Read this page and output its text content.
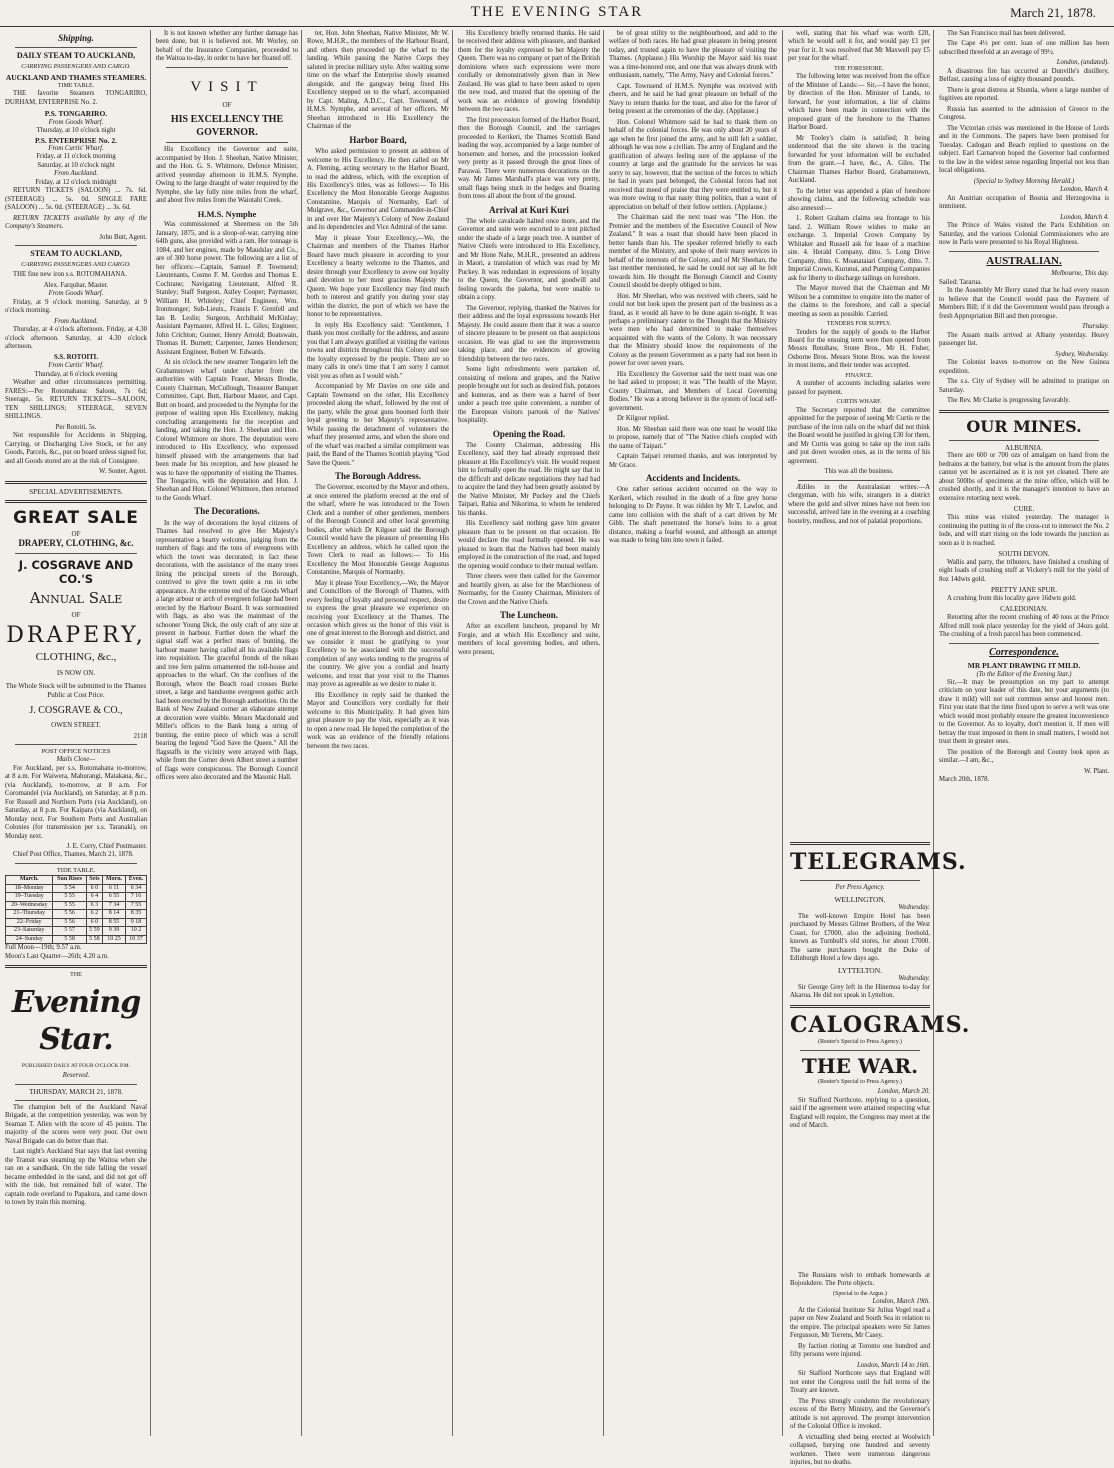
THE EVENING STAR	March 21, 1878.
Shipping.
DAILY STEAM TO AUCKLAND,
CARRYING PASSENGERS AND CARGO.
AUCKLAND AND THAMES STEAMERS.
TIME TABLE.

THE favorite Steamers TONGARIRO, DURHAM, ENTERPRISE No. 2.

P.S. TONGARIRO.
From Goods Wharf.
Thursday, at 10 o'clock night
P.S. ENTERPRISE No. 2.
From Curtis' Wharf.
Friday, at 11 o'clock morning
Saturday, at 10 o'clock night
From Auckland.
Friday, at 12 o'clock midnight

RETURN TICKETS (SALOON) ... 7s. 6d. (STEERAGE) ... 5s. 0d. SINGLE FARE (SALOON) ... 5s. 0d. (STEERAGE) ... 3s. 6d.

RETURN TICKETS available by any of the Company's Steamers.

John Butt, Agent.
STEAM TO AUCKLAND,
CARRYING PASSENGERS AND CARGO.

THE fine new iron s.s. ROTOMAHANA.

Alex. Farquhar, Master.
From Goods Wharf.

Friday, at 9 o'clock morning. Saturday, at 9 o'clock morning.

From Auckland.

Thursday, at 4 o'clock afternoon. Friday, at 4.30 o'clock afternoon. Saturday, at 4.30 o'clock afternoon.

S.S. ROTOITI.
From Curtis' Wharf.
Thursday, at 6 o'clock evening

Weather and other circumstances permitting. FARES:—Per Rotomahana: Saloon, 7s 6d; Steerage, 5s. RETURN TICKETS—SALOON, TEN SHILLINGS; STEERAGE, SEVEN SHILLINGS.

Per Rotoiti, 5s.

Not responsible for Accidents in Shipping, Carrying, or Discharging Live Stock, or for any Goods, Parcels, &c., put on board unless signed for, and all Goods stored are at the risk of Consignee.

W. Souter, Agent.
SPECIAL ADVERTISEMENTS.
GREAT SALE
OF
DRAPERY, CLOTHING, &c.
J. COSGRAVE AND CO.'S
Annual Sale
OF
DRAPERY,
CLOTHING, &c.,
IS NOW ON.

The Whole Stock will be submitted to the Thames Public at Cost Price.

J. COSGRAVE & CO.,
OWEN STREET.
2118
POST OFFICE NOTICES
Mails Close—

For Auckland, per s.s. Rotomahana to-morrow, at 8 a.m. For Waiwera, Mahurangi, Matakana, &c., (via Auckland), to-morrow, at 8 a.m. For Coromandel (via Auckland), on Saturday, at 8 p.m. For Russell and Northern Ports (via Auckland), on Saturday, at 8 p.m. For Kaipara (via Auckland), on Monday next. For Southern Ports and Australian Colonies (for transmission per s.s. Taranaki), on Monday next.

J. E. Corry, Chief Postmaster.

Chief Post Office, Thames, March 21, 1878.

TIDE TABLE.
March.	Sun Rises	Sets	Morn.	Even.
18–Monday	5 54	6 0	6 11	6 34
19–Tuesday	5 55	6 4	6 55	7 16
20–Wednesday	5 55	6 3	7 34	7 55
21–Thursday	5 56	6 2	8 14	8 35
22–Friday	5 56	6 0	8 55	9 18
23–Saturday	5 57	5 59	9 39	10 2
24–Sunday	5 58	5 58	10 25	10 37
Full Moon—19th; 9.57 a.m.
Moon's Last Quarter—26th; 4.20 a.m.
THE
Evening Star.
PUBLISHED DAILY AT FOUR O'CLOCK P.M.
Reserved.
THURSDAY, MARCH 21, 1878.

The champion belt of the Auckland Naval Brigade, at the competition yesterday, was won by Seaman T. Allen with the score of 45 points. The majority of the scores were very poor. Our own Naval Brigade can do better than that.

Last night's Auckland Star says that last evening the Transit was steaming up the Waitoa when she ran on a sandbank. On the tide falling the vessel became embedded in the sand, and did not get off with the tide, but remained full of water. The captain rode overland to Papakura, and came down to town by train this morning.

It is not known whether any further damage has been done, but it is believed not. Mr Worley, on behalf of the Insurance Companies, proceeded to the Waitoa to-day, in order to have her floated off.

VISIT
OF
HIS EXCELLENCY THE GOVERNOR.

His Excellency the Governor and suite, accompanied by Hon. J. Sheehan, Native Minister, and the Hon. G. S. Whitmore, Defence Minister, arrived yesterday afternoon in H.M.S. Nymphe. Owing to the large draught of water required by the Nymphe, she lay fully nine miles from the wharf, and about five miles from the Waiotahi Creek.

H.M.S. Nymphe

Was commissioned at Sheerness on the 5th January, 1875, and is a sloop-of-war, carrying nine 64lb guns, also provided with a ram. Her tonnage is 1084, and her engines, made by Maudslay and Co., are of 300 horse power. The following are a list of her officers:—Captain, Samuel P. Townsend; Lieutenants, Cosmo F. M. Gordon and Thomas E. Cochrane; Navigating Lieutenant, Alfred R. Stanley; Staff Surgeon, Astley Cooper; Paymaster, William H. Whiteley; Chief Engineer, Wm. Ironmonger; Sub-Lieuts., Francis F. Grenfell and Ian B. Leslie; Surgeon, Archibald McKinlay; Assistant Paymaster, Alfred H. L. Giles; Engineer, John Crichton; Gunner, Henry Arnold; Boatswain, Thomas H. Burnett; Carpenter, James Henderson; Assistant Engineer, Robert W. Edwards.

At six o'clock the new steamer Tongariro left the Grahamstown wharf under charter from the authorities with Captain Fraser, Messrs Brodie, County Chairman, McCullough, Treasurer Banquet Committee, Capt. Butt, Harbour Master, and Capt. Butt on board, and proceeded to the Nymphe for the purpose of waiting upon His Excellency, making concluding arrangements for the reception and landing, and taking the Hon. J. Sheehan and Hon. Colonel Whitmore on shore. The deputation were introduced to His Excellency, who expressed himself pleased with the arrangements that had been made for his reception, and how pleased he was to have the opportunity of visiting the Thames. The Tongariro, with the deputation and Hon. J. Sheehan and Hon. Colonel Whitmore, then returned to the Goods Wharf.

The Decorations.

In the way of decorations the loyal citizens of Thames had resolved to give Her Majesty's representative a hearty welcome, judging from the numbers of flags and the tons of evergreens with which the town was decorated; in fact these decorations, with the assistance of the many trees lining the principal streets of the Borough, contrived to give the town quite a rus in urbe appearance. At the extreme end of the Goods Wharf a large arbour or arch of evergreen foliage had been erected by the Harbour Board. It was surmounted with flags, as also was the mainmast of the schooner Young Dick, the only craft of any size at present in harbour. Further down the wharf the signal staff was a perfect mass of bunting, the harbour master having called all his available flags into requisition. The graceful fronds of the nikau and tree fern palms ornamented the toll-house and approaches to the wharf. On the confines of the Borough, where the Beach road crosses Burke street, a large and handsome evergreen gothic arch had been erected by the Borough authorities. On the Bank of New Zealand corner an elaborate attempt at decoration were visible. Messrs Macdonald and Miller's offices to the Bank hung a string of bunting, the entire piece of which was a scroll bearing the legend "God Save the Queen." All the flagstaffs in the vicinity were arrayed with flags, while from the Corner down Albert street a number of flags were conspicuous. The Borough Council offices were also decorated and the Masonic Hall.

ter, Hon. John Sheehan, Native Minister, Mr W. Rowe, M.H.R., the members of the Harbour Board, and others then proceeded up the wharf to the landing. While passing the Native Corps they saluted in precise military style. After waiting some time on the wharf the Enterprise slowly steamed alongside, and the gangway being fixed His Excellency stepped on to the wharf, accompanied by Capt. Maling, A.D.C., Capt. Townsend, of H.M.S. Nymphe, and several of her officers. Mr Sheehan introduced to His Excellency the Chairman of the

Harbor Board,

Who asked permission to present an address of welcome to His Excellency. He then called on Mr A. Fleming, acting secretary to the Harbor Board, to read the address, which, with the exception of His Excellency's titles, was as follows:— To His Excellency the Most Honorable George Augustus Constantine, Marquis of Normanby, Earl of Mulgrave, &c., Governor and Commander-in-Chief in and over Her Majesty's Colony of New Zealand and its dependencies and Vice Admiral of the same.

May it please Your Excellency,—We, the Chairman and members of the Thames Harbor Board have much pleasure in according to your Excellency a hearty welcome to the Thames, and desire through your Excellency to avow our loyalty and devotion to her most gracious Majesty the Queen. We hope your Excellency may find much both to interest and gratify you during your stay within the district, the port of which we have the honor to be representatives.

In reply His Excellency said: "Gentlemen, I thank you most cordially for the address, and assure you that I am always gratified at visiting the various towns and districts throughout this Colony and see the loyalty expressed by the people. There are so many calls in one's time that I am sorry I cannot visit you as often as I would wish."

Accompanied by Mr Davies on one side and Captain Townsend on the other, His Excellency proceeded along the wharf, followed by the rest of the party, while the great guns boomed forth their loyal greeting to her Majesty's representative. While passing the detachment of volunteers the wharf they presented arms, and when the shore end of the wharf was reached a similar compliment was paid, the Band of the Thames Scottish playing "God Save the Queen."

The Borough Address.

The Governor, escorted by the Mayor and others, at once entered the platform erected at the end of the wharf, where he was introduced to the Town Clerk and a number of other gentlemen, members of the Borough Council and other local governing bodies, after which Dr Kilgour said the Borough Council would have the pleasure of presenting His Excellency an address, which he called upon the Town Clerk to read as follows:— To His Excellency the Most Honorable George Augustus Constantine, Marquis of Normanby.

May it please Your Excellency,—We, the Mayor and Councillors of the Borough of Thames, with every feeling of loyalty and personal respect, desire to express the great pleasure we experience on receiving your Excellency at the Thames. The occasion which gives us the honor of this visit is one of great interest to the Borough and district, and we consider it must be gratifying to your Excellency to be associated with the successful completion of any works tending to the progress of the country. We give you a cordial and hearty welcome, and trust that your visit to the Thames may prove as agreeable as we desire to make it.

His Excellency in reply said he thanked the Mayor and Councillors very cordially for their welcome to this Municipality. It had given him great pleasure to pay the visit, especially as it was to open a new road. He hoped the completion of the work was an evidence of the friendly relations between the two races.

His Excellency briefly returned thanks. He said he received their address with pleasure, and thanked them for the loyalty expressed to her Majesty the Queen. There was no company or part of the British dominions where such expressions were more cordially or demonstratively given than in New Zealand. He was glad to have been asked to open the new road, and trusted that the opening of the work was an evidence of growing friendship between the two races.

The first procession formed of the Harbor Board, then the Borough Council, and the carriages proceeded to Kerikeri, the Thames Scottish Band leading the way, accompanied by a large number of horsemen and horses, and the procession looked very pretty as it passed through the great lines of Parawai. There were numerous decorations on the way. Mr James Marshall's place was very pretty, small flags being stuck in the hedges and floating from trees all about the front of the ground.

Arrival at Kuri Kuri

The whole cavalcade halted once more, and the Governor and suite were escorted to a tent pitched under the shade of a large peach tree. A number of Native Chiefs were introduced to His Excellency, and Mr Hone Nahe, M.H.R., presented an address in Maori, a translation of which was read by Mr Puckey. It was redundant in expressions of loyalty to the Queen, the Governor, and goodwill and feeling towards the pakeha, but were unable to obtain a copy.

The Governor, replying, thanked the Natives for their address and the loyal expressions towards Her Majesty. He could assure them that it was a source of sincere pleasure to be present on that auspicious occasion. He was glad to see the improvements taking place, and the evidences of growing friendship between the two races.

Some light refreshments were partaken of, consisting of melons and grapes, and the Native people brought out for such as desired fish, potatoes and kumeras, and as there was a barrel of beer under a peach tree quite convenient, a number of the European visitors partook of the Natives' hospitality.

Opening the Road.

The County Chairman, addressing His Excellency, said they had already expressed their pleasure at His Excellency's visit. He would request him to formally open the road. He might say that in the difficult and delicate negotiations they had had to acquire the land they had been greatly assisted by the Native Minister, Mr Puckey and the Chiefs Taipari, Rahia and Nikorima, to whom he tendered his thanks.

His Excellency said nothing gave him greater pleasure than to be present on that occasion. He would declare the road formally opened. He was pleased to learn that the Natives had been mainly employed in the construction of the road, and hoped the opening would conduce to their mutual welfare.

Three cheers were then called for the Governor and heartily given, as also for the Marchioness of Normanby, for the County Chairman, Ministers of the Crown and the Native Chiefs.

The Luncheon.

After an excellent luncheon, prepared by Mr Forgie, and at which His Excellency and suite, members of local governing bodies, and others, were present,

be of great utility to the neighbourhood, and add to the welfare of both races. He had great pleasure in being present today, and trusted again to have the pleasure of visiting the Thames. (Applause.) His Worship the Mayor said his toast was a time-honored one, and one that was always drunk with enthusiasm, namely, "The Army, Navy and Colonial forces."

Capt. Townsend of H.M.S. Nymphe was received with cheers, and he said he had great pleasure on behalf of the Navy to return thanks for the toast, and also for the favor of being present at the ceremonies of the day. (Applause.)

Hon. Colonel Whitmore said he had to thank them on behalf of the colonial forces. He was only about 20 years of age when he first joined the army, and he still felt a soldier, although he was now a civilian. The army of England and the gratification of always feeling sure of the applause of the country at large and the gratitude for the services he was sorry to say, however, that the section of the forces to which he had in years past belonged, the Colonial forces had not received that meed of praise that they were entitled to, but it was more owing to that nasty thing politics, than a want of appreciation on behalf of their fellow settlers. (Applause.)

The Chairman said the next toast was "The Hon. the Premier and the members of the Executive Council of New Zealand." It was a toast that should have been placed in better hands than his. The speaker referred briefly to each member of the Ministry, and spoke of their many services in behalf of the interests of the Colony, and of Mr Sheehan, the last member mentioned, he said he could not say all he felt towards him. He thought the Borough Council and County Council should be deeply obliged to him.

Hon. Mr Sheehan, who was received with cheers, said he could not but look upon the present part of the business as a fraud, as it would all have to be done again to-night. It was perhaps a preliminary canter to the Thought that the Ministry were men who had determined to make themselves acquainted with the wants of the Colony. It was necessary that the Ministry should know the requirements of the Colony as the present Government as a party had not been in power for over seven years.

His Excellency the Governor said the next toast was one he had asked to propose; it was "The health of the Mayor, County Chairman, and Members of Local Governing Bodies." He was a strong believer in the system of local self-government.

Dr Kilgour replied.

Hon. Mr Sheehan said there was one toast he would like to propose, namely that of "The Native chiefs coupled with the name of Taipari."

Captain Taipari returned thanks, and was interpreted by Mr Grace.

Accidents and Incidents.

One rather serious accident occurred on the way to Kerikeri, which resulted in the death of a fine grey horse belonging to Dr Payne. It was ridden by Mr T. Lawlor, and came into collision with the shaft of a cart driven by Mr Gibb. The shaft penetrated the horse's loins to a great distance, making a fearful wound, and although an attempt was made to bring him into town it failed.

well, stating that his wharf was worth £20, which he would sell it for, and would pay £1 per year for it. It was resolved that Mr Maxwell pay £5 per year for the wharf.

THE FORESHORE.

The following letter was received from the office of the Minister of Lands:— Sir,—I have the honor, by direction of the Hon. Minister of Lands, to forward, for your information, a list of claims which have been made in connection with the proposed grant of the foreshore to the Thames Harbor Board.

Mr Tooley's claim is satisfied; It being understood that the site shown is the tracing forwarded for your information will be excluded from the grant.—I have, &c., A. Giles. The Chairman Thames Harbor Board, Grahamstown, Auckland.

To the letter was appended a plan of foreshore showing claims, and the following schedule was also annexed:—

1. Robert Graham claims sea frontage to his land. 2. William Rowe wishes to make an exchange. 3. Imperial Crown Company by Whitaker and Russell ask for lease of a machine site. 4. Herald Company, ditto. 5. Long Drive Company, ditto. 6. Moanataiari Company, ditto. 7. Imperial Crown, Kurunui, and Pumping Companies ask for liberty to discharge tailings on foreshore.

The Mayor moved that the Chairman and Mr Wilson be a committee to enquire into the matter of the claims to the foreshore, and call a special meeting as soon as possible. Carried.

TENDERS FOR SUPPLY.

Tenders for the supply of goods to the Harbor Board for the ensuing term were then opened from Messrs Renshaw, Stone Bros., Mr H. Fisher, Osborne Bros. Messrs Stone Bros. was the lowest in most items, and their tender was accepted.

FINANCE.

A number of accounts including salaries were passed for payment.

CURTIS WHARF.

The Secretary reported that the committee appointed for the purpose of seeing Mr Curtis re the purchase of the iron rails on the wharf did not think the Board would be justified in giving £30 for them, and Mr Curtis was going to take up the iron rails and put down wooden ones, as in the terms of his agreement.

This was all the business.

Ædiles in the Australasian writes:—A clergyman, with his wife, strangers in a district where the gold and silver mines have not been too successful, arrived late in the evening at a coaching hostelry, mudless, and not of palatial proportions.

TELEGRAMS.
Per Press Agency.
WELLINGTON.
Wednesday.

The well-known Empire Hotel has been purchased by Messrs Gilmer Brothers, of the West Coast, for £7000, also the adjoining freehold, known as Turnbull's old stores, for about £7000. The same purchasers bought the Duke of Edinburgh Hotel a few days ago.

LYTTELTON.
Wednesday.

Sir George Grey left in the Hinemoa to-day for Akaroa. He did not speak in Lyttelton.

CALOGRAMS.
(Reuter's Special to Press Agency.)
THE WAR.
(Reuter's Special to Press Agency.)
London, March 20.

Sir Stafford Northcote, replying to a question, said if the agreement were attained respecting what England will require, the Congress may meet at the end of March.

The San Francisco mail has been delivered.

The Cape 4½ per cent. loan of one million has been subscribed threefold at an average of 99½.

London, (undated).

A disastrous fire has occurred at Dunville's distillery, Belfast, causing a loss of eighty thousand pounds.

There is great distress at Shumla, where a large number of fugitives are reported.

Russia has assented to the admission of Greece to the Congress.

The Victorian crisis was mentioned in the House of Lords and in the Commons. The papers have been promised for Tuesday. Cadogan and Beach replied to questions on the subject. Earl Carnarvon hoped the Governor had conformed to the law in the widest sense regarding Imperial not less than local obligations.

(Special to Sydney Morning Herald.)
London, March 4.

An Austrian occupation of Bosnia and Herzegovina is imminent.

London, March 4.

The Prince of Wales visited the Paris Exhibition on Saturday, and the various Colonial Commissioners who are now in Paris were presented to his Royal Highness.

AUSTRALIAN.
Melbourne, This day.
Sailed: Tararua.

In the Assembly Mr Berry stated that he had every reason to believe that the Council would pass the Payment of Members Bill; if it did the Government would pass through a fresh Appropriation Bill and then prorogue.

Thursday.

The Assam mails arrived at Albany yesterday. Heavy passenger list.

Sydney, Wednesday.

The Colonist leaves to-morrow on the New Guinea expedition.

The s.s. City of Sydney will be admitted to pratique on Saturday.

The Rev. Mr Clarke is progressing favorably.

OUR MINES.
ALBURNIA.

There are 600 or 700 ozs of amalgam on hand from the bedrains at the battery, but what is the amount from the plates cannot yet be ascertained as it is not yet cleaned. There are about 500lbs of specimens at the mine office, which will be crushed shortly, and it is the manager's intention to have an extensive retorting next week.

CURE.

This mine was visited yesterday. The manager is continuing the putting in of the cross-cut to intersect the No. 2 lode, and will start rising on the lode towards the junction as soon as it is reached.

SOUTH DEVON.

Wallis and party, the tributers, have finished a crushing of eight loads of crushing stuff at Vickery's mill for the yield of 8oz 14dwts gold.

PRETTY JANE SPUR.

A crushing from this locality gave 16dwts gold.

CALEDONIAN.

Retorting after the recent crushing of 40 tons at the Prince Alfred mill took place yesterday for the yield of 34ozs gold. The crushing of a fresh parcel has been commenced.

Correspondence.
MR PLANT DRAWING IT MILD.
(To the Editor of the Evening Star.)

Sir,—It may be presumption on my part to attempt criticism on your leader of this date, but your arguments (to draw it mild) will not suit common sense and honest men. First you state that the time fixed upon to serve a writ was one which would most probably ensure the greatest inconvenience to the Governor. As to loyalty, don't mention it. If men will betray the trust imposed in them in small matters, I would not trust them in greater ones.

The position of the Borough and County look upon as similar.—I am, &c.,

W. Plant.
March 20th, 1878.

The Russians wish to embark homewards at Bojoukdere. The Porte objects.

(Special to the Argus.)
London, March 19th.

At the Colonial Institute Sir Julius Vogel read a paper on New Zealand and South Sea in relation to the empire. The principal speakers were Sir James Fergusson, Mr Torrens, Mr Casey.

By faction rioting at Toronto one hundred and fifty persons were injured.

London, March 14 to 16th.

Sir Stafford Northcote says that England will not enter the Congress until the full terms of the Treaty are known.

The Press strongly condemn the revolutionary excess of the Berry Ministry, and the Governor's attitude is not approved. The prompt intervention of the Colonial Office is invoked.

A victualling shed being erected at Woolwich collapsed, burying one hundred and seventy workmen. There were numerous dangerous injuries, but no deaths.
